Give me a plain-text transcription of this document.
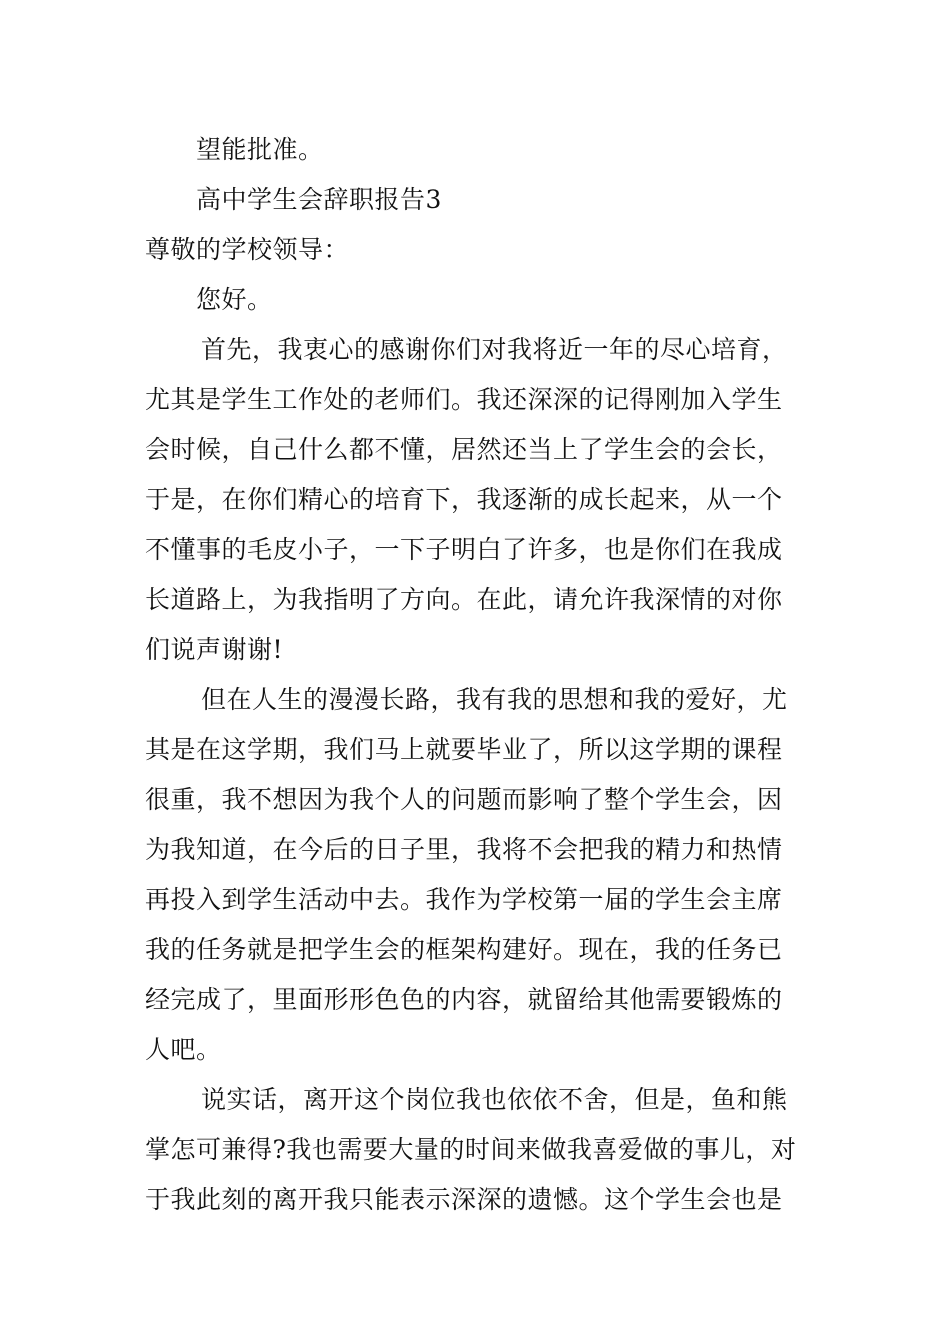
望能批准。
高中学生会辞职报告3
尊敬的学校领导：
您好。
首先，我衷心的感谢你们对我将近一年的尽心培育，
尤其是学生工作处的老师们。我还深深的记得刚加入学生
会时候，自己什么都不懂，居然还当上了学生会的会长，
于是，在你们精心的培育下，我逐渐的成长起来，从一个
不懂事的毛皮小子，一下子明白了许多，也是你们在我成
长道路上，为我指明了方向。在此，请允许我深情的对你
们说声谢谢!
但在人生的漫漫长路，我有我的思想和我的爱好，尤
其是在这学期，我们马上就要毕业了，所以这学期的课程
很重，我不想因为我个人的问题而影响了整个学生会，因
为我知道，在今后的日子里，我将不会把我的精力和热情
再投入到学生活动中去。我作为学校第一届的学生会主席
我的任务就是把学生会的框架构建好。现在，我的任务已
经完成了，里面形形色色的内容，就留给其他需要锻炼的
人吧。
说实话，离开这个岗位我也依依不舍，但是，鱼和熊
掌怎可兼得?我也需要大量的时间来做我喜爱做的事儿，对
于我此刻的离开我只能表示深深的遗憾。这个学生会也是
